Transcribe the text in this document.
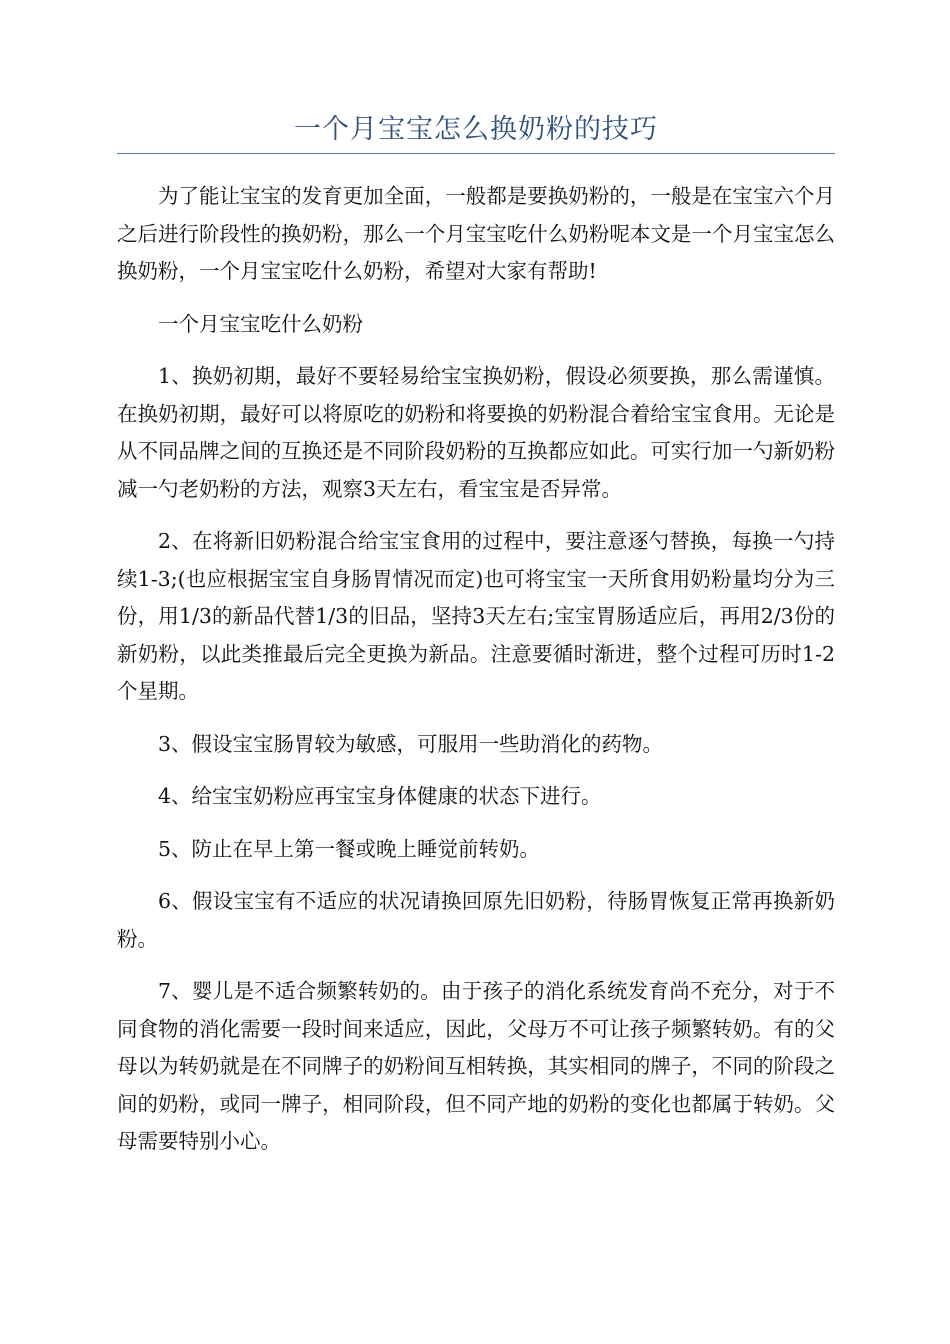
一个月宝宝怎么换奶粉的技巧

为了能让宝宝的发育更加全面，一般都是要换奶粉的，一般是在宝宝六个月之后进行阶段性的换奶粉，那么一个月宝宝吃什么奶粉呢本文是一个月宝宝怎么换奶粉，一个月宝宝吃什么奶粉，希望对大家有帮助!

一个月宝宝吃什么奶粉

1、换奶初期，最好不要轻易给宝宝换奶粉，假设必须要换，那么需谨慎。在换奶初期，最好可以将原吃的奶粉和将要换的奶粉混合着给宝宝食用。无论是从不同品牌之间的互换还是不同阶段奶粉的互换都应如此。可实行加一勺新奶粉减一勺老奶粉的方法，观察3天左右，看宝宝是否异常。

2、在将新旧奶粉混合给宝宝食用的过程中，要注意逐勺替换，每换一勺持续1-3;(也应根据宝宝自身肠胃情况而定)也可将宝宝一天所食用奶粉量均分为三份，用1/3的新品代替1/3的旧品，坚持3天左右;宝宝胃肠适应后，再用2/3份的新奶粉，以此类推最后完全更换为新品。注意要循时渐进，整个过程可历时1-2个星期。

3、假设宝宝肠胃较为敏感，可服用一些助消化的药物。

4、给宝宝奶粉应再宝宝身体健康的状态下进行。

5、防止在早上第一餐或晚上睡觉前转奶。

6、假设宝宝有不适应的状况请换回原先旧奶粉，待肠胃恢复正常再换新奶粉。

7、婴儿是不适合频繁转奶的。由于孩子的消化系统发育尚不充分，对于不同食物的消化需要一段时间来适应，因此，父母万不可让孩子频繁转奶。有的父母以为转奶就是在不同牌子的奶粉间互相转换，其实相同的牌子，不同的阶段之间的奶粉，或同一牌子，相同阶段，但不同产地的奶粉的变化也都属于转奶。父母需要特别小心。
